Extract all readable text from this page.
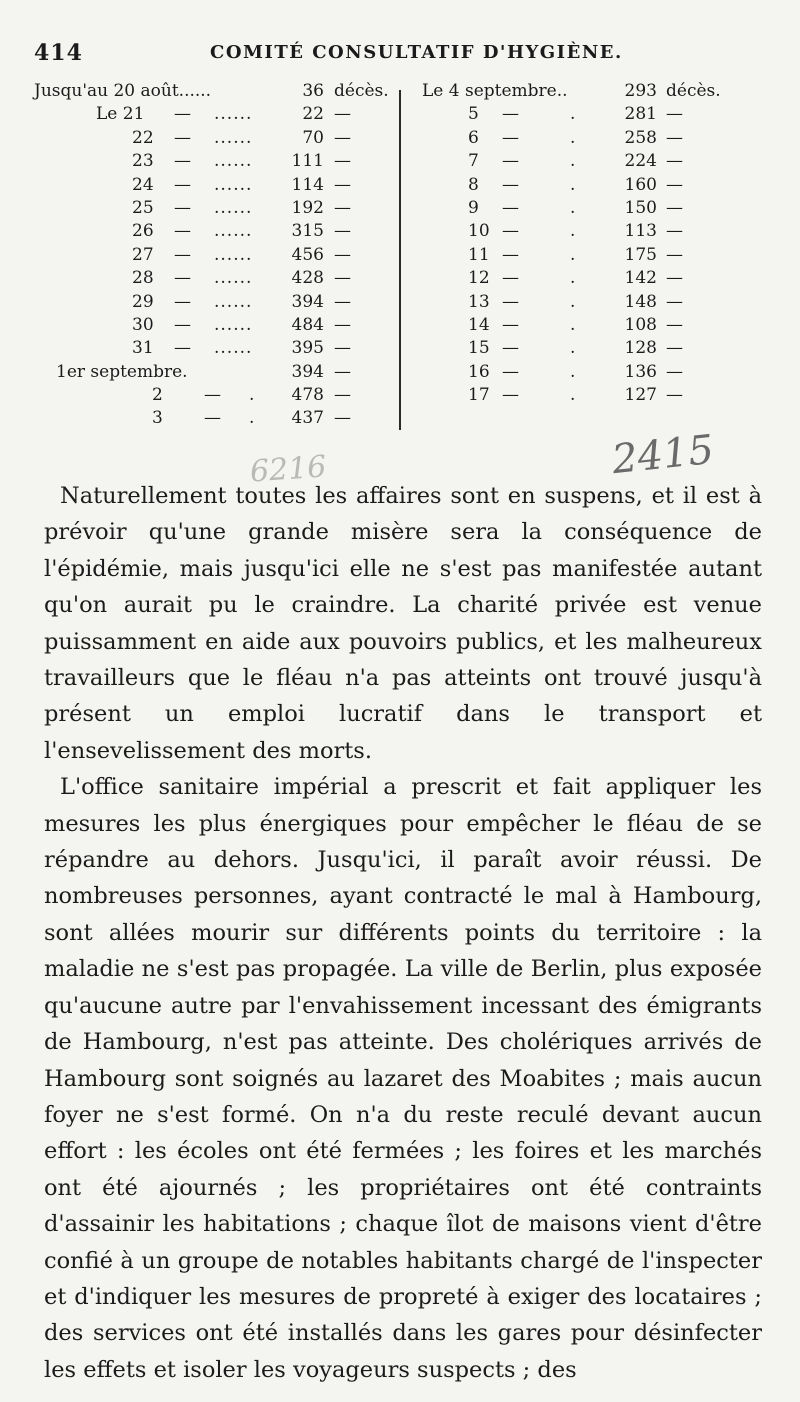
414	COMITÉ CONSULTATIF D'HYGIÈNE.
Jusqu'au 20 août......	36 décès.
Le 21 — ......	22 —
22 — ......	70 —
23 — ......	111 —
24 — ......	114 —
25 — ......	192 —
26 — ......	315 —
27 — ......	456 —
28 — ......	428 —
29 — ......	394 —
30 — ......	484 —
31 — ......	395 —
1er septembre.	394 —
2 — .	478 —
3 — .	437 —
Le 4 septembre..	293 décès.
5 —	.	281 —
6 —	.	258 —
7 —	.	224 —
8 —	.	160 —
9 —	.	150 —
10 —	.	113 —
11 —	.	175 —
12 —	.	142 —
13 —	.	148 —
14 —	.	108 —
15 —	.	128 —
16 —	.	136 —
17 —	.	127 —
6216	2415

Naturellement toutes les affaires sont en suspens, et il est à prévoir qu'une grande misère sera la conséquence de l'épidémie, mais jusqu'ici elle ne s'est pas manifestée autant qu'on aurait pu le craindre. La charité privée est venue puissamment en aide aux pouvoirs publics, et les malheureux travailleurs que le fléau n'a pas atteints ont trouvé jusqu'à présent un emploi lucratif dans le transport et l'ensevelissement des morts.

L'office sanitaire impérial a prescrit et fait appliquer les mesures les plus énergiques pour empêcher le fléau de se répandre au dehors. Jusqu'ici, il paraît avoir réussi. De nombreuses personnes, ayant contracté le mal à Hambourg, sont allées mourir sur différents points du territoire : la maladie ne s'est pas propagée. La ville de Berlin, plus exposée qu'aucune autre par l'envahissement incessant des émigrants de Hambourg, n'est pas atteinte. Des cholériques arrivés de Hambourg sont soignés au lazaret des Moabites ; mais aucun foyer ne s'est formé. On n'a du reste reculé devant aucun effort : les écoles ont été fermées ; les foires et les marchés ont été ajournés ; les propriétaires ont été contraints d'assainir les habitations ; chaque îlot de maisons vient d'être confié à un groupe de notables habitants chargé de l'inspecter et d'indiquer les mesures de propreté à exiger des locataires ; des services ont été installés dans les gares pour désinfecter les effets et isoler les voyageurs suspects ; des
